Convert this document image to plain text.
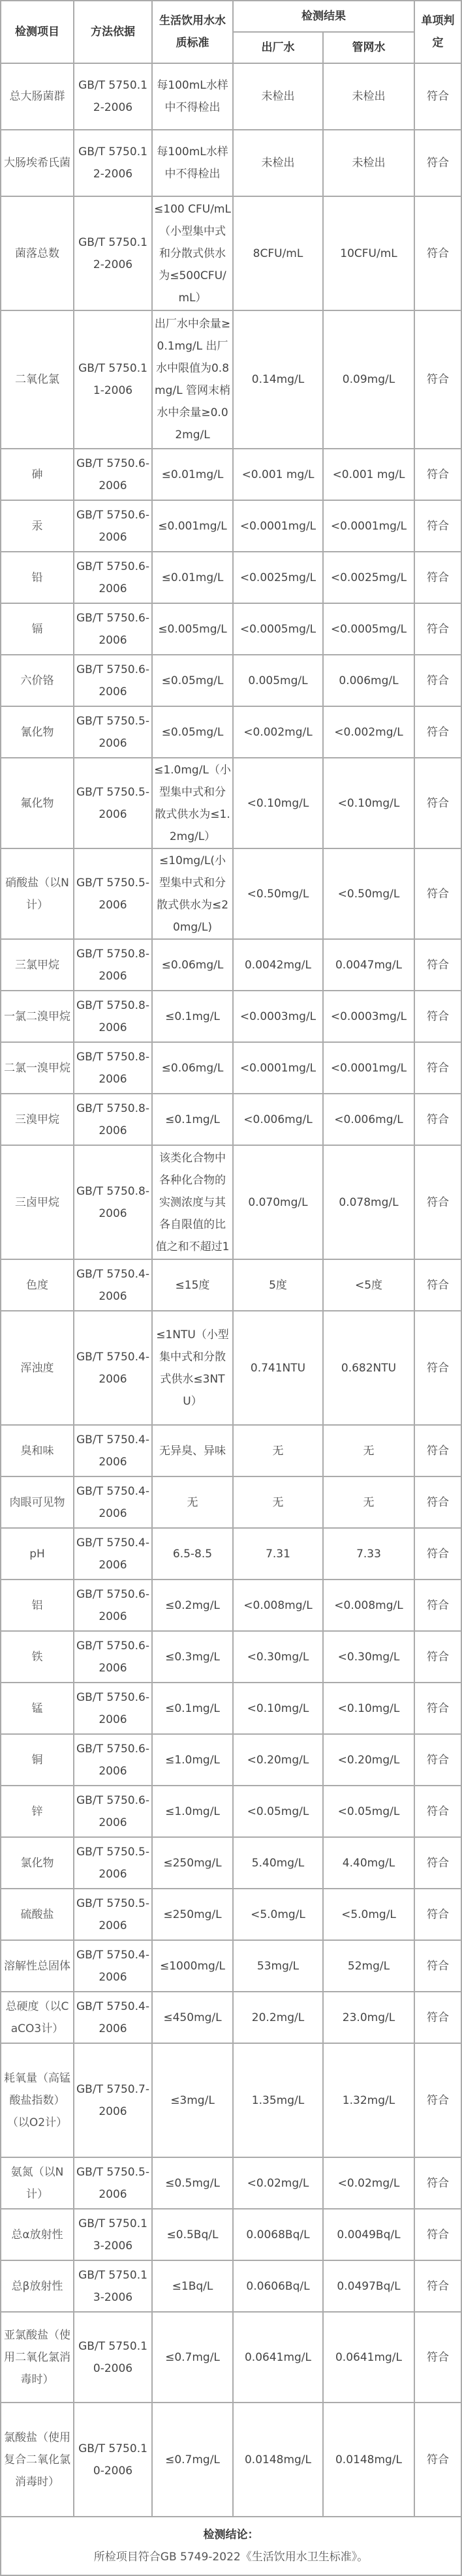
检测项目	方法依据	生活饮用水水质标准	检测结果		单项判定
			出厂水	管网水	
总大肠菌群	GB/T 5750.12-2006	每100mL水样中不得检出	未检出	未检出	符合
大肠埃希氏菌	GB/T 5750.12-2006	每100mL水样中不得检出	未检出	未检出	符合
菌落总数	GB/T 5750.12-2006	≤100 CFU/mL（小型集中式和分散式供水为≤500CFU/mL）	8CFU/mL	10CFU/mL	符合
二氧化氯	GB/T 5750.11-2006	出厂水中余量≥0.1mg/L 出厂水中限值为0.8mg/L 管网末梢水中余量≥0.02mg/L	0.14mg/L	0.09mg/L	符合
砷	GB/T 5750.6-2006	≤0.01mg/L	<0.001 mg/L	<0.001 mg/L	符合
汞	GB/T 5750.6-2006	≤0.001mg/L	<0.0001mg/L	<0.0001mg/L	符合
铅	GB/T 5750.6-2006	≤0.01mg/L	<0.0025mg/L	<0.0025mg/L	符合
镉	GB/T 5750.6-2006	≤0.005mg/L	<0.0005mg/L	<0.0005mg/L	符合
六价铬	GB/T 5750.6-2006	≤0.05mg/L	0.005mg/L	0.006mg/L	符合
氰化物	GB/T 5750.5-2006	≤0.05mg/L	<0.002mg/L	<0.002mg/L	符合
氟化物	GB/T 5750.5-2006	≤1.0mg/L（小型集中式和分散式供水为≤1.2mg/L）	<0.10mg/L	<0.10mg/L	符合
硝酸盐（以N计）	GB/T 5750.5-2006	≤10mg/L(小型集中式和分散式供水为≤20mg/L)	<0.50mg/L	<0.50mg/L	符合
三氯甲烷	GB/T 5750.8-2006	≤0.06mg/L	0.0042mg/L	0.0047mg/L	符合
一氯二溴甲烷	GB/T 5750.8-2006	≤0.1mg/L	<0.0003mg/L	<0.0003mg/L	符合
二氯一溴甲烷	GB/T 5750.8-2006	≤0.06mg/L	<0.0001mg/L	<0.0001mg/L	符合
三溴甲烷	GB/T 5750.8-2006	≤0.1mg/L	<0.006mg/L	<0.006mg/L	符合
三卤甲烷	GB/T 5750.8-2006	该类化合物中各种化合物的实测浓度与其各自限值的比值之和不超过1	0.070mg/L	0.078mg/L	符合
色度	GB/T 5750.4-2006	≤15度	5度	<5度	符合
浑浊度	GB/T 5750.4-2006	≤1NTU（小型集中式和分散式供水≤3NTU）	0.741NTU	0.682NTU	符合
臭和味	GB/T 5750.4-2006	无异臭、异味	无	无	符合
肉眼可见物	GB/T 5750.4-2006	无	无	无	符合
pH	GB/T 5750.4-2006	6.5-8.5	7.31	7.33	符合
铝	GB/T 5750.6-2006	≤0.2mg/L	<0.008mg/L	<0.008mg/L	符合
铁	GB/T 5750.6-2006	≤0.3mg/L	<0.30mg/L	<0.30mg/L	符合
锰	GB/T 5750.6-2006	≤0.1mg/L	<0.10mg/L	<0.10mg/L	符合
铜	GB/T 5750.6-2006	≤1.0mg/L	<0.20mg/L	<0.20mg/L	符合
锌	GB/T 5750.6-2006	≤1.0mg/L	<0.05mg/L	<0.05mg/L	符合
氯化物	GB/T 5750.5-2006	≤250mg/L	5.40mg/L	4.40mg/L	符合
硫酸盐	GB/T 5750.5-2006	≤250mg/L	<5.0mg/L	<5.0mg/L	符合
溶解性总固体	GB/T 5750.4-2006	≤1000mg/L	53mg/L	52mg/L	符合
总硬度（以CaCO3计）	GB/T 5750.4-2006	≤450mg/L	20.2mg/L	23.0mg/L	符合
耗氧量（高锰酸盐指数）（以O2计）	GB/T 5750.7-2006	≤3mg/L	1.35mg/L	1.32mg/L	符合
氨氮（以N计）	GB/T 5750.5-2006	≤0.5mg/L	<0.02mg/L	<0.02mg/L	符合
总α放射性	GB/T 5750.13-2006	≤0.5Bq/L	0.0068Bq/L	0.0049Bq/L	符合
总β放射性	GB/T 5750.13-2006	≤1Bq/L	0.0606Bq/L	0.0497Bq/L	符合
亚氯酸盐（使用二氧化氯消毒时）	GB/T 5750.10-2006	≤0.7mg/L	0.0641mg/L	0.0641mg/L	符合
氯酸盐（使用复合二氧化氯消毒时）	GB/T 5750.10-2006	≤0.7mg/L	0.0148mg/L	0.0148mg/L	符合

检测结论：
所检项目符合GB 5749-2022《生活饮用水卫生标准》。					
